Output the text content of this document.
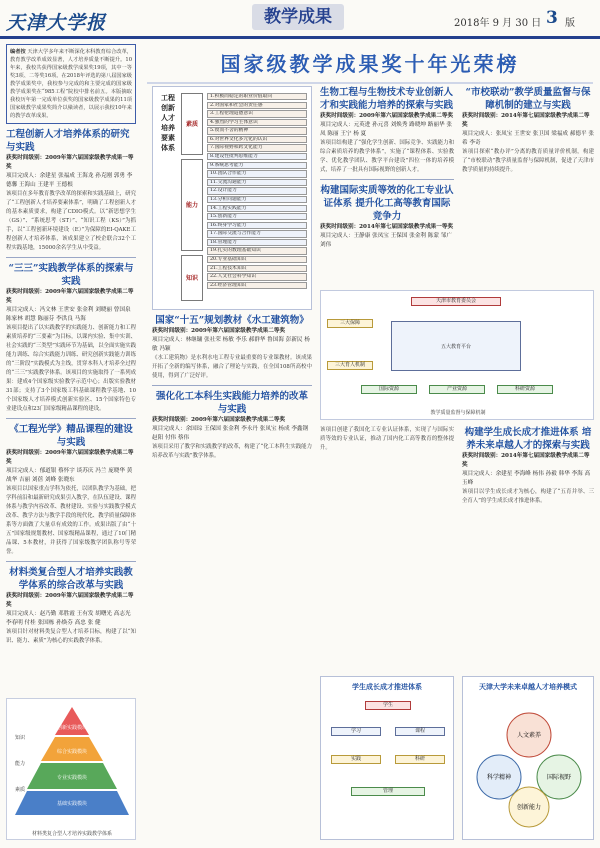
天津大学报	教学成果	2018年 9 月 30 日 3 版
编者按 天津大学多年来不断深化本科教育综合改革，教育教学改革成效显著，人才培养质量不断提升。10年来，我校共获得国家级教学成果奖19项，其中一等奖3项、二等奖16项。在2018年评选的第八届国家级教学成果奖中，我校参与完成的和主要完成的国家级教学成果奖在“985工程”院校中排名前五。本版摘取我校历年第一完成单位获奖的国家级教学成果的11项国家级教学成果奖简介以飨读者，以展示我校10年来的教学改革成果。
工程创新人才培养体系的研究与实践
获奖时间级别：2009年第六届国家级教学成果一等奖
项目完成人：余建星 张福成 王海龙 孙克刚 郭勇 李德馨 王海山 王建平 王德根
该项目在多年教育教学改革的探索和实践基础上，研究了“工程创新人才培养要素体系”，明确了工程创新人才的基本素质要求，构建了CDIO模式。以“新思想学生（GS）”、“系统思考（ST）”、“知识工程（KS）”为抓手，以“工程创新环境建设（E）”为保障的EI-QAKE工程创新人才培养体系，该成果建立了校企联合32个工程实践基地，15000余名学生从中受益。
“三三”实践教学体系的探索与实践
获奖时间级别：2009年第六届国家级教学成果二等奖
项目完成人：冯文林 王世安 张金利 刘晓丽 曾国泉 陈家林 胡慧 陈丽芬 李洪良 马海
该项目提出了以实践教学的实践能力、创新能力和工程素质培养的“三要素”为目标，以课内实验、集中实训、社会实践的“三类型”实践环节为基础，以全面实施实践能力训练、综合实践能力训练、研究创新实践能力训练的“三阶段”实践模式为主线，贯穿本科人才培养全过程的“三三”实践教学体系。该项目的实施取得了一系列成果：建成4个国家级实验教学示范中心；出版实验教材31部；支持了3个国家级工科基础课程教学基地、10个国家级人才培养模式创新实验区、15个国家特色专业建设点和23门国家级精品课程的建设。
《工程光学》精品课程的建设与实践
获奖时间级别：2009年第六届国家级教学成果二等奖
项目完成人：郁道银 蔡怀宇 谈苏庆 冯兰 庞晓华 黄战华 吉丽 刘蓓 刘峰 张晓东
该项目以国家重点学科为依托，以团队教学为基础，把学科前沿和最新研究成果引入教学，在队伍建设、课程体系与教学内容改革、教材建设、实验与实践教学模式改革、教学方法与教学手段的现代化、教学质量保障体系等方面做了大量卓有成效的工作。成果出版了由“十五”国家级规划教材、国家级精品课程，通过了10门精品课、5本教材，并获得了国家级教学团队称号等荣誉。
材料类复合型人才培养实践教学体系的综合改革与实践
获奖时间级别：2009年第六届国家级教学成果二等奖
项目完成人：赵乃勤 邓胜霞 王有发 胡曙光 高志光 李春明 付桂 张国栋 孙焕芬 高忠 张 健
该项目针对材料类复合型人才培养目标，构建了以“知识、能力、素质”为核心的实践教学体系。
创新实践模块
综合实践模块
专业实践模块
基础实践模块
知识
能力
素质
材料类复合型人才培养实践教学体系
国家级教学成果奖十年光荣榜
工程创新人才培养要素体系
素质
能力
知识
1.积极而稳定的职业价值取向
2.对国家和社会的责任感
3.工程伦理道德意识
4.强烈的学习主体意识
5.锲而不舍的精神
6.对世界文化多元化的认识
7.国际视野和跨文化能力
8.建设性批判思维能力
9.系统思考能力
10.团队合作能力
11.交流沟通能力
12.设计能力
13.分析问题能力
14.工程实践能力
15.创新能力
16.终身学习能力
17.国际交流与合作能力
18.管理能力
19.扎实的数理基础知识
20.专业基础知识
21.工程技术知识
22.人文社会科学知识
23.经济管理知识
国家“十五”规划教材《水工建筑物》
获奖时间级别：2009年第六届国家级教学成果二等奖
项目完成人：林继镛 张社荣 杨敏 李乐 郝群华 鲁国海 彭新民 杨敏 冯颖
《水工建筑物》是水利水电工程专业最重要的专业课教材。该成果开拓了全新的编写体系，融合了理论与实践，在全国108所高校中使用，得到了广泛好评。
强化化工本科生实践能力培养的改革与实践
获奖时间级别：2009年第六届国家级教学成果二等奖
项目完成人：余国琮 王保国 张金利 李永丹 张凤宝 杨成 李鑫钢 赵阳 付伟 蔡伟
该项目采用了教学和实践教学的改革，构建了“化工本科生实践能力培养改革与实践”教学体系。
生物工程与生物技术专业创新人才和实践能力培养的探索与实践
获奖时间级别：2009年第六届国家级教学成果二等奖
项目完成人：元英进 孙元喜 刘焕秀 路晓坤 路丽华 张凤 陈丽 王宁 杨 夏
该项目结构建了“强化学生创新、国际竞争、实践能力和综合素质培养的教学体系”，实施了“课程体系、实验教学、优化教学团队、教学平台建设”四位一体的培养模式，培养了一批具有国际视野的创新人才。
构建国际实质等效的化工专业认证体系 提升化工高等教育国际竞争力
获奖时间级别：2014年第七届国家级教学成果一等奖
项目完成人：王静康 张凤宝 王保国 张金利 陈蒙 邹广 刘伟
“市校联动”教学质量监督与保障机制的建立与实践
获奖时间级别：2014年第七届国家级教学成果二等奖
项目完成人：张凤宝 王世安 张卫国 梁福成 郝德平 张希 李奇
该项目探索“教办评”分离的教育质量评价机制，构建了“市校联动”教学质量监督与保障机制，促进了天津市教学质量的持续提升。
天津市教育委员会
三大保障
五大教育平台
三大育人机制
国际资源	产业资源	科研资源
教学质量监督与保障机制
构建学生成长成才推进体系 培养未来卓越人才的探索与实践
获奖时间级别：2014年第七届国家级教学成果二等奖
项目完成人：余建星 李海峰 杨伟 孙毅 韩华 李海 高玉峰
该项目以学生成长成才为核心，构建了“五育并举、三全育人”的学生成长成才推进体系。
该项目创建了我国化工专业认证体系，实现了与国际实质等效的专业认证，推动了国内化工高等教育的整体提升。
学生成长成才推进体系
学生
学习	课程
实践	科研
管理
天津大学未来卓越人才培养模式
人文素养
科学精神	国际视野
创新能力
